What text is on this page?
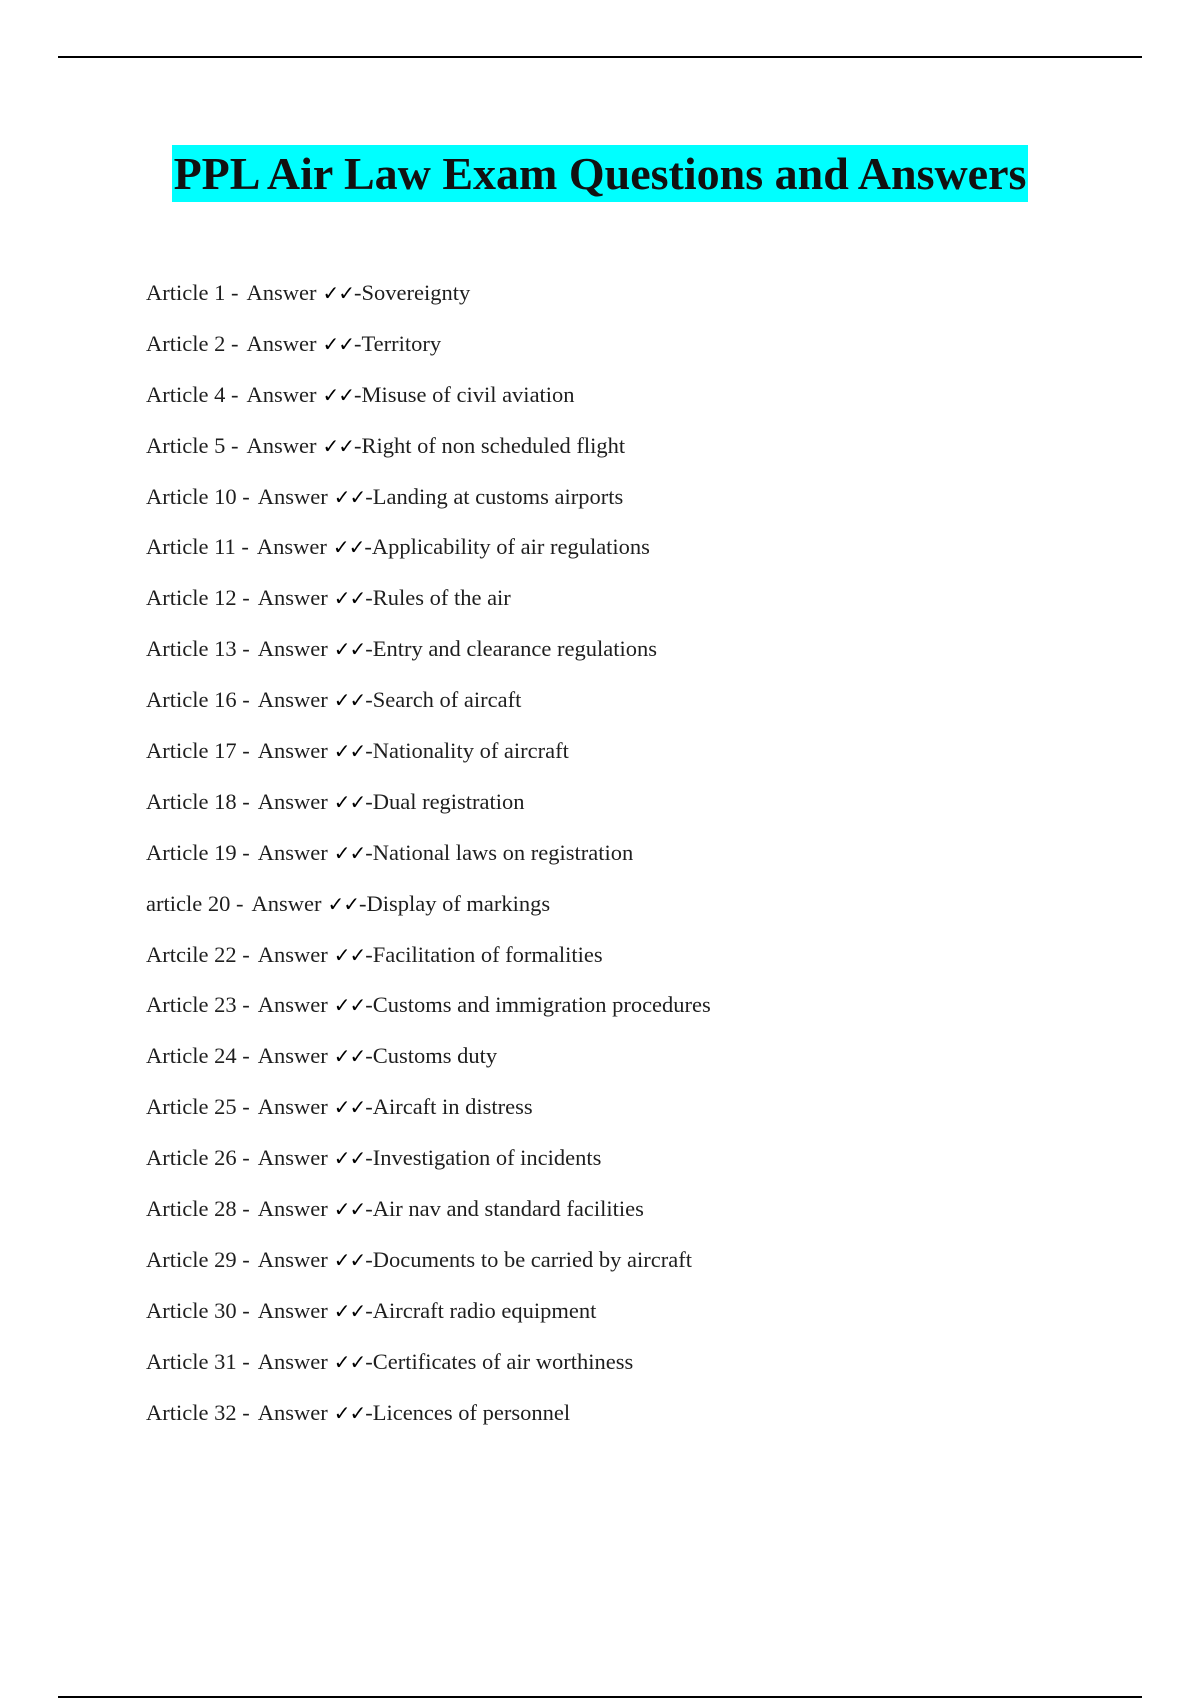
PPL Air Law Exam Questions and Answers
Article 1 - Answer ✓✓-Sovereignty
Article 2 - Answer ✓✓-Territory
Article 4 - Answer ✓✓-Misuse of civil aviation
Article 5 - Answer ✓✓-Right of non scheduled flight
Article 10 - Answer ✓✓-Landing at customs airports
Article 11 - Answer ✓✓-Applicability of air regulations
Article 12 - Answer ✓✓-Rules of the air
Article 13 - Answer ✓✓-Entry and clearance regulations
Article 16 - Answer ✓✓-Search of aircaft
Article 17 - Answer ✓✓-Nationality of aircraft
Article 18 - Answer ✓✓-Dual registration
Article 19 - Answer ✓✓-National laws on registration
article 20 - Answer ✓✓-Display of markings
Artcile 22 - Answer ✓✓-Facilitation of formalities
Article 23 - Answer ✓✓-Customs and immigration procedures
Article 24 - Answer ✓✓-Customs duty
Article 25 - Answer ✓✓-Aircaft in distress
Article 26 - Answer ✓✓-Investigation of incidents
Article 28 - Answer ✓✓-Air nav and standard facilities
Article 29 - Answer ✓✓-Documents to be carried by aircraft
Article 30 - Answer ✓✓-Aircraft radio equipment
Article 31 - Answer ✓✓-Certificates of air worthiness
Article 32 - Answer ✓✓-Licences of personnel
